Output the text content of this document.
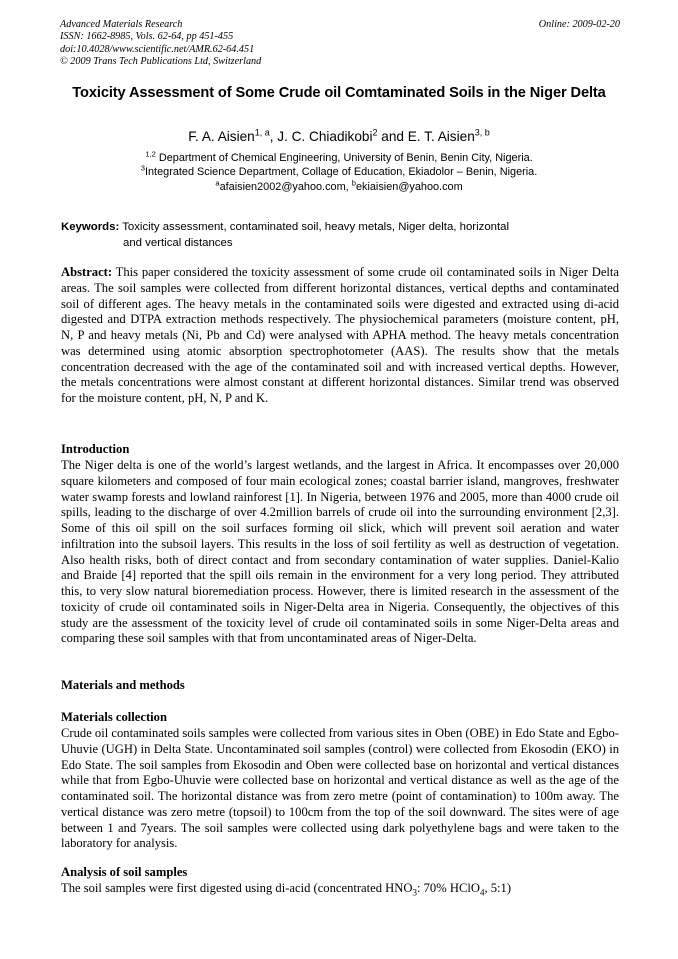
Advanced Materials Research	Online: 2009-02-20
ISSN: 1662-8985, Vols. 62-64, pp 451-455
doi:10.4028/www.scientific.net/AMR.62-64.451
© 2009 Trans Tech Publications Ltd, Switzerland
Toxicity Assessment of Some Crude oil Comtaminated Soils in the Niger Delta
F. A. Aisien$^{1, a}$, J. C. Chiadikobi$^2$ and E. T. Aisien$^{3, b}$
$^{1,2}$ Department of Chemical Engineering, University of Benin, Benin City, Nigeria.
$^3$Integrated Science Department, Collage of Education, Ekiadolor – Benin, Nigeria.
$^a$afaisien2002@yahoo.com, $^b$ekiaisien@yahoo.com
Keywords: Toxicity assessment, contaminated soil, heavy metals, Niger delta, horizontal
and vertical distances
Abstract: This paper considered the toxicity assessment of some crude oil contaminated soils in Niger Delta areas. The soil samples were collected from different horizontal distances, vertical depths and contaminated soil of different ages. The heavy metals in the contaminated soils were digested and extracted using di-acid digested and DTPA extraction methods respectively. The physiochemical parameters (moisture content, pH, N, P and heavy metals (Ni, Pb and Cd) were analysed with APHA method. The heavy metals concentration was determined using atomic absorption spectrophotometer (AAS). The results show that the metals concentration decreased with the age of the contaminated soil and with increased vertical depths. However, the metals concentrations were almost constant at different horizontal distances. Similar trend was observed for the moisture content, pH, N, P and K.
Introduction
The Niger delta is one of the world’s largest wetlands, and the largest in Africa. It encompasses over 20,000 square kilometers and composed of four main ecological zones; coastal barrier island, mangroves, freshwater water swamp forests and lowland rainforest [1]. In Nigeria, between 1976 and 2005, more than 4000 crude oil spills, leading to the discharge of over 4.2million barrels of crude oil into the surrounding environment [2,3]. Some of this oil spill on the soil surfaces forming oil slick, which will prevent soil aeration and water infiltration into the subsoil layers. This results in the loss of soil fertility as well as destruction of vegetation. Also health risks, both of direct contact and from secondary contamination of water supplies. Daniel-Kalio and Braide [4] reported that the spill oils remain in the environment for a very long period. They attributed this, to very slow natural bioremediation process. However, there is limited research in the assessment of the toxicity of crude oil contaminated soils in Niger-Delta area in Nigeria. Consequently, the objectives of this study are the assessment of the toxicity level of crude oil contaminated soils in some Niger-Delta areas and comparing these soil samples with that from uncontaminated areas of Niger-Delta.
Materials and methods
Materials collection
Crude oil contaminated soils samples were collected from various sites in Oben (OBE) in Edo State and Egbo-Uhuvie (UGH) in Delta State. Uncontaminated soil samples (control) were collected from Ekosodin (EKO) in Edo State. The soil samples from Ekosodin and Oben were collected base on horizontal and vertical distances while that from Egbo-Uhuvie were collected base on horizontal and vertical distance as well as the age of the contaminated soil. The horizontal distance was from zero metre (point of contamination) to 100m away. The vertical distance was zero metre (topsoil) to 100cm from the top of the soil downward. The sites were of age between 1 and 7years. The soil samples were collected using dark polyethylene bags and were taken to the laboratory for analysis.
Analysis of soil samples
The soil samples were first digested using di-acid (concentrated $HNO_3$: 70% HClO$_4$, 5:1)
